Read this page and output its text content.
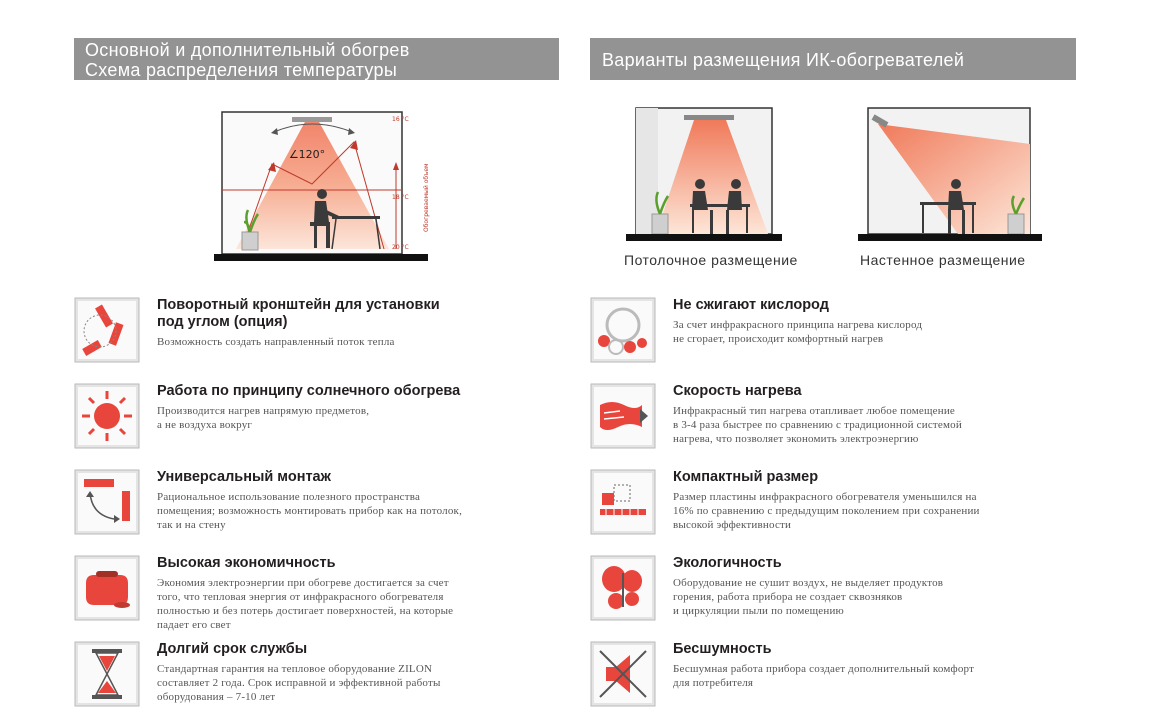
Основной и дополнительный обогрев
Схема распределения температуры	Варианты размещения ИК-обогревателей
∠120°
16 °C
18 °C
20 °C
Обогреваемый объем
Потолочное размещение	Настенное размещение
Поворотный кронштейн для установки
под углом (опция)
Возможность создать направленный поток тепла
Работа по принципу солнечного обогрева
Производится нагрев напрямую предметов,
а не воздуха вокруг
Универсальный монтаж
Рациональное использование полезного пространства
помещения; возможность монтировать прибор как на потолок,
так и на стену
Высокая экономичность
Экономия электроэнергии при обогреве достигается за счет
того, что тепловая энергия от инфракрасного обогревателя
полностью и без потерь достигает поверхностей, на которые
падает его свет
Долгий срок службы
Стандартная гарантия на тепловое оборудование ZILON
составляет 2 года. Срок исправной и эффективной работы
оборудования – 7-10 лет
Не сжигают кислород
За счет инфракрасного принципа нагрева кислород
не сгорает, происходит комфортный нагрев
Скорость нагрева
Инфракрасный тип нагрева отапливает любое помещение
в 3-4 раза быстрее по сравнению с традиционной системой
нагрева, что позволяет экономить электроэнергию
Компактный размер
Размер пластины инфракрасного обогревателя уменьшился на
16% по сравнению с предыдущим поколением при сохранении
высокой эффективности
Экологичность
Оборудование не сушит воздух, не выделяет продуктов
горения, работа прибора не создает сквозняков
и циркуляции пыли по помещению
Бесшумность
Бесшумная работа прибора создает дополнительный комфорт
для потребителя
